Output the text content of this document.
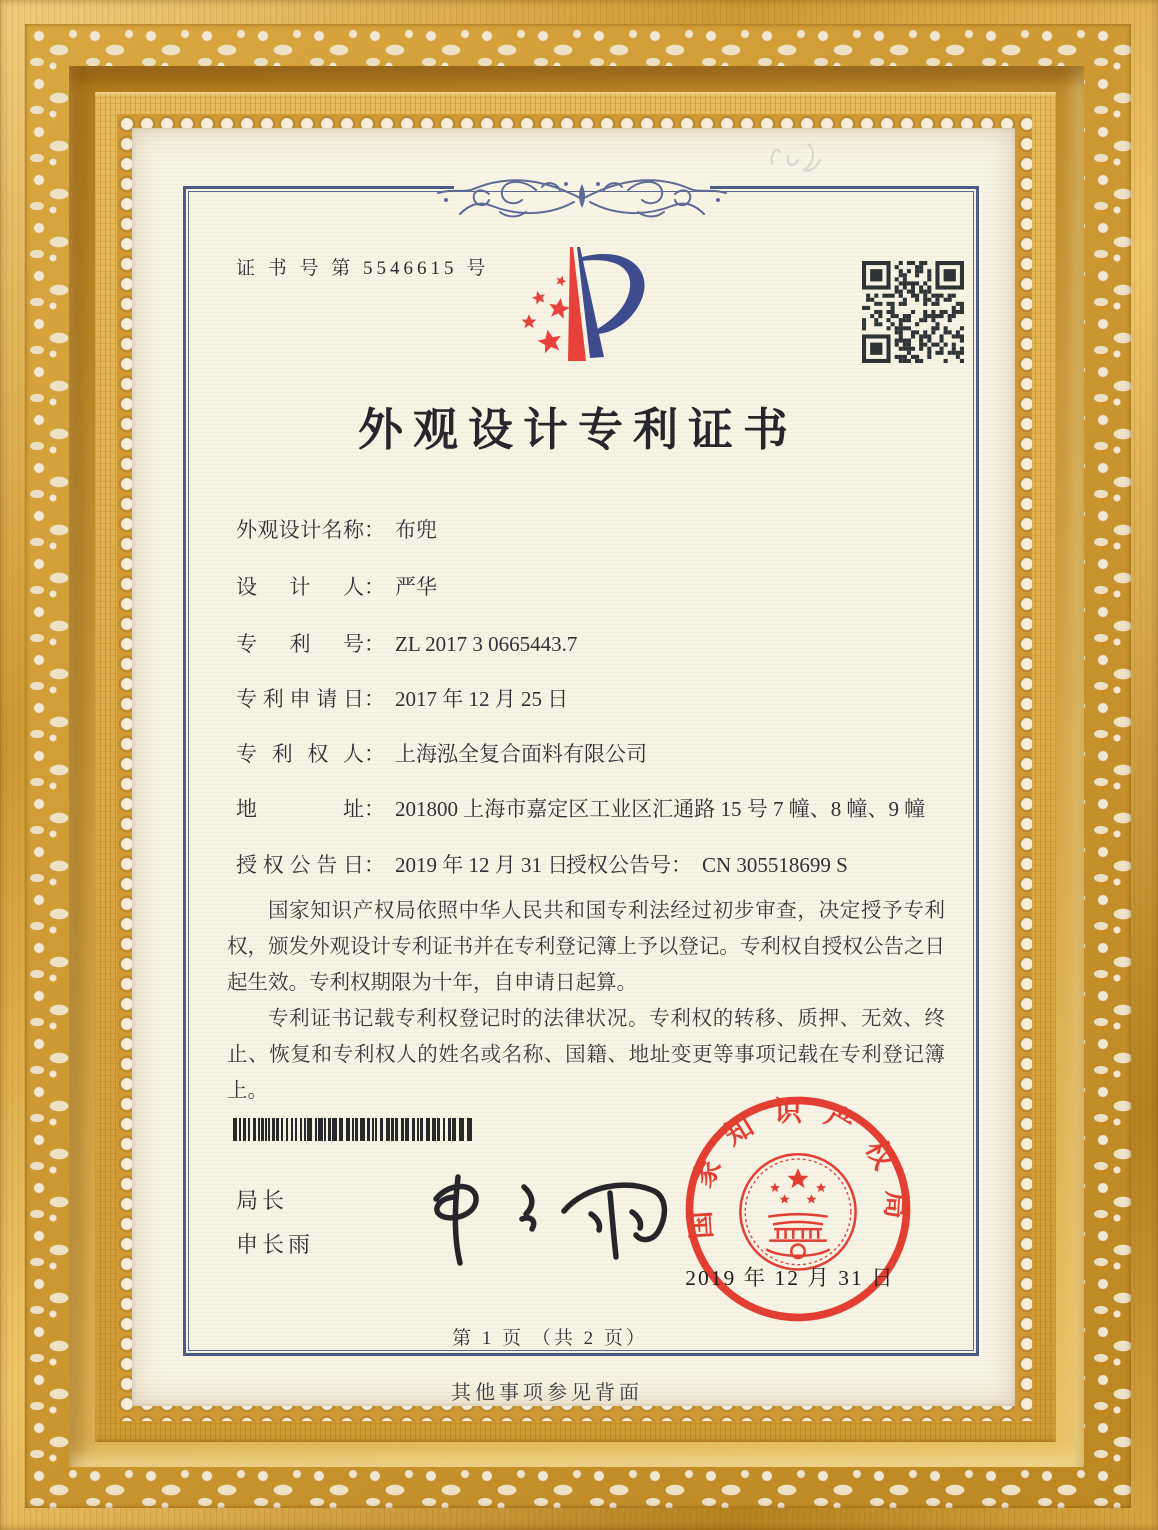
证 书 号 第 5546615 号
外观设计专利证书
外观设计名称： 布兜
设计人： 严华
专利号： ZL 2017 3 0665443.7
专利申请日： 2017 年 12 月 25 日
专利权人： 上海泓全复合面料有限公司
地址： 201800 上海市嘉定区工业区汇通路 15 号 7 幢、8 幢、9 幢
授权公告日： 2019 年 12 月 31 日
授权公告号： CN 305518699 S

国家知识产权局依照中华人民共和国专利法经过初步审查，决定授予专利权，颁发外观设计专利证书并在专利登记簿上予以登记。专利权自授权公告之日起生效。专利权期限为十年，自申请日起算。

专利证书记载专利权登记时的法律状况。专利权的转移、质押、无效、终止、恢复和专利权人的姓名或名称、国籍、地址变更等事项记载在专利登记簿上。

局长
申长雨
国家知识产权局
2019 年 12 月 31 日
第 1 页 （共 2 页）
其他事项参见背面
